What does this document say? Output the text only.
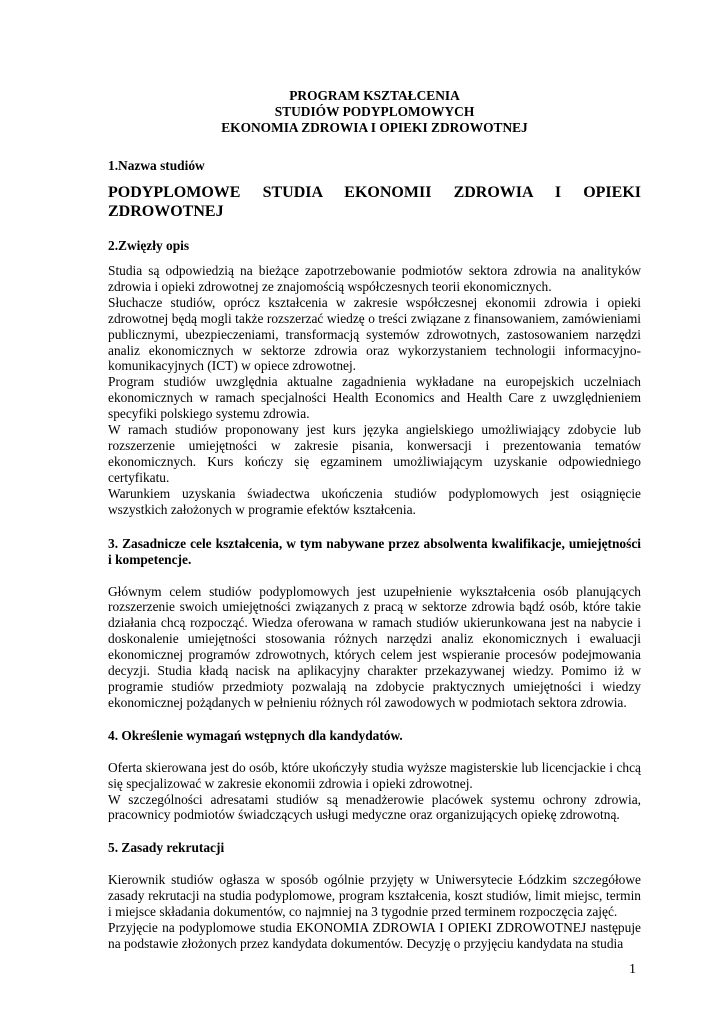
PROGRAM KSZTAŁCENIA
STUDIÓW PODYPLOMOWYCH
EKONOMIA ZDROWIA I OPIEKI ZDROWOTNEJ

1.Nazwa studiów

PODYPLOMOWE STUDIA EKONOMII ZDROWIA I OPIEKI ZDROWOTNEJ

2.Zwięzły opis

Studia są odpowiedzią na bieżące zapotrzebowanie podmiotów sektora zdrowia na analityków zdrowia i opieki zdrowotnej ze znajomością współczesnych teorii ekonomicznych.

Słuchacze studiów, oprócz kształcenia w zakresie współczesnej ekonomii zdrowia i opieki zdrowotnej będą mogli także rozszerzać wiedzę o treści związane z finansowaniem, zamówieniami publicznymi, ubezpieczeniami, transformacją systemów zdrowotnych, zastosowaniem narzędzi analiz ekonomicznych w sektorze zdrowia oraz wykorzystaniem technologii informacyjno-komunikacyjnych (ICT) w opiece zdrowotnej.

Program studiów uwzględnia aktualne zagadnienia wykładane na europejskich uczelniach ekonomicznych w ramach specjalności Health Economics and Health Care z uwzględnieniem specyfiki polskiego systemu zdrowia.

W ramach studiów proponowany jest kurs języka angielskiego umożliwiający zdobycie lub rozszerzenie umiejętności w zakresie pisania, konwersacji i prezentowania tematów ekonomicznych. Kurs kończy się egzaminem umożliwiającym uzyskanie odpowiedniego certyfikatu.

Warunkiem uzyskania świadectwa ukończenia studiów podyplomowych jest osiągnięcie wszystkich założonych w programie efektów kształcenia.

3. Zasadnicze cele kształcenia, w tym nabywane przez absolwenta kwalifikacje, umiejętności i kompetencje.

Głównym celem studiów podyplomowych jest uzupełnienie wykształcenia osób planujących rozszerzenie swoich umiejętności związanych z pracą w sektorze zdrowia bądź osób, które takie działania chcą rozpocząć. Wiedza oferowana w ramach studiów ukierunkowana jest na nabycie i doskonalenie umiejętności stosowania różnych narzędzi analiz ekonomicznych i ewaluacji ekonomicznej programów zdrowotnych, których celem jest wspieranie procesów podejmowania decyzji. Studia kładą nacisk na aplikacyjny charakter przekazywanej wiedzy. Pomimo iż w programie studiów przedmioty pozwalają na zdobycie praktycznych umiejętności i wiedzy ekonomicznej pożądanych w pełnieniu różnych ról zawodowych w podmiotach sektora zdrowia.

4. Określenie wymagań wstępnych dla kandydatów.

Oferta skierowana jest do osób, które ukończyły studia wyższe magisterskie lub licencjackie i chcą się specjalizować w zakresie ekonomii zdrowia i opieki zdrowotnej.

W szczególności adresatami studiów są menadżerowie placówek systemu ochrony zdrowia, pracownicy podmiotów świadczących usługi medyczne oraz organizujących opiekę zdrowotną.

5. Zasady rekrutacji

Kierownik studiów ogłasza w sposób ogólnie przyjęty w Uniwersytecie Łódzkim szczegółowe zasady rekrutacji na studia podyplomowe, program kształcenia, koszt studiów, limit miejsc, termin i miejsce składania dokumentów, co najmniej na 3 tygodnie przed terminem rozpoczęcia zajęć.

Przyjęcie na podyplomowe studia EKONOMIA ZDROWIA I OPIEKI ZDROWOTNEJ następuje na podstawie złożonych przez kandydata dokumentów. Decyzję o przyjęciu kandydata na studia

1
